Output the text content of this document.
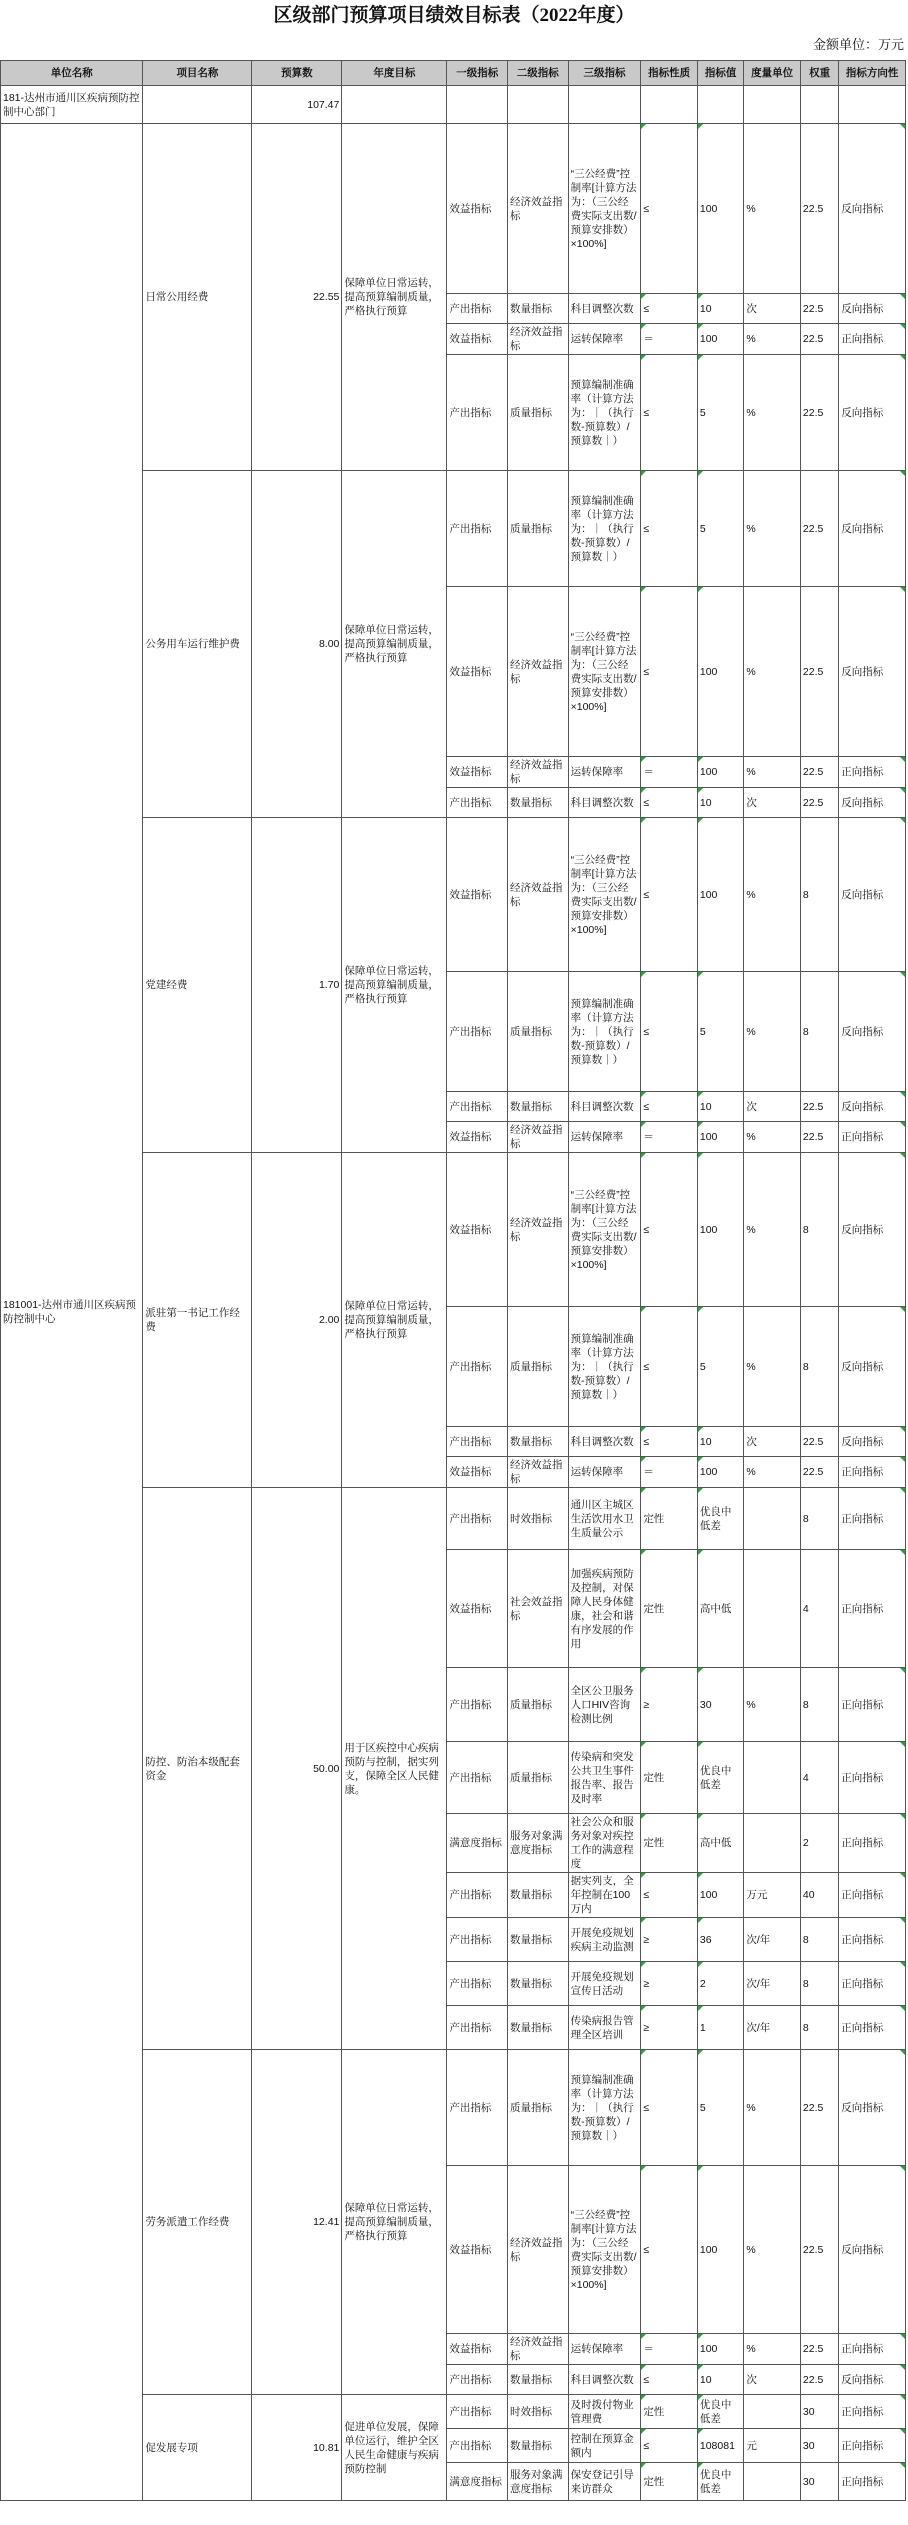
区级部门预算项目绩效目标表（2022年度）
金额单位：万元
单位名称	项目名称	预算数	年度目标	一级指标	二级指标	三级指标	指标性质	指标值	度量单位	权重	指标方向性
181-达州市通川区疾病预防控制中心部门		107.47									
181001-达州市通川区疾病预防控制中心	日常公用经费	22.55	保障单位日常运转，提高预算编制质量，严格执行预算	效益指标	经济效益指标	“三公经费”控制率[计算方法为：（三公经费实际支出数/预算安排数）×100%]	≤	100	%	22.5	反向指标
				产出指标	数量指标	科目调整次数	≤	10	次	22.5	反向指标
				效益指标	经济效益指标	运转保障率	＝	100	%	22.5	正向指标
				产出指标	质量指标	预算编制准确率（计算方法为：｜（执行数-预算数）/预算数｜）	≤	5	%	22.5	反向指标
	公务用车运行维护费	8.00	保障单位日常运转，提高预算编制质量，严格执行预算	产出指标	质量指标	预算编制准确率（计算方法为：｜（执行数-预算数）/预算数｜）	≤	5	%	22.5	反向指标
				效益指标	经济效益指标	“三公经费”控制率[计算方法为：（三公经费实际支出数/预算安排数）×100%]	≤	100	%	22.5	反向指标
				效益指标	经济效益指标	运转保障率	＝	100	%	22.5	正向指标
				产出指标	数量指标	科目调整次数	≤	10	次	22.5	反向指标
	党建经费	1.70	保障单位日常运转，提高预算编制质量，严格执行预算	效益指标	经济效益指标	“三公经费”控制率[计算方法为：（三公经费实际支出数/预算安排数）×100%]	≤	100	%	8	反向指标
				产出指标	质量指标	预算编制准确率（计算方法为：｜（执行数-预算数）/预算数｜）	≤	5	%	8	反向指标
				产出指标	数量指标	科目调整次数	≤	10	次	22.5	反向指标
				效益指标	经济效益指标	运转保障率	＝	100	%	22.5	正向指标
	派驻第一书记工作经费	2.00	保障单位日常运转，提高预算编制质量，严格执行预算	效益指标	经济效益指标	“三公经费”控制率[计算方法为：（三公经费实际支出数/预算安排数）×100%]	≤	100	%	8	反向指标
				产出指标	质量指标	预算编制准确率（计算方法为：｜（执行数-预算数）/预算数｜）	≤	5	%	8	反向指标
				产出指标	数量指标	科目调整次数	≤	10	次	22.5	反向指标
				效益指标	经济效益指标	运转保障率	＝	100	%	22.5	正向指标
	防控、防治本级配套资金	50.00	用于区疾控中心疾病预防与控制，据实列支，保障全区人民健康。	产出指标	时效指标	通川区主城区生活饮用水卫生质量公示	定性	优良中低差		8	正向指标
				效益指标	社会效益指标	加强疾病预防及控制，对保障人民身体健康，社会和谐有序发展的作用	定性	高中低		4	正向指标
				产出指标	质量指标	全区公卫服务人口HIV咨询检测比例	≥	30	%	8	正向指标
				产出指标	质量指标	传染病和突发公共卫生事件报告率、报告及时率	定性	优良中低差		4	正向指标
				满意度指标	服务对象满意度指标	社会公众和服务对象对疾控工作的满意程度	定性	高中低		2	正向指标
				产出指标	数量指标	据实列支，全年控制在100万内	≤	100	万元	40	正向指标
				产出指标	数量指标	开展免疫规划疾病主动监测	≥	36	次/年	8	正向指标
				产出指标	数量指标	开展免疫规划宣传日活动	≥	2	次/年	8	正向指标
				产出指标	数量指标	传染病报告管理全区培训	≥	1	次/年	8	正向指标
	劳务派遣工作经费	12.41	保障单位日常运转，提高预算编制质量，严格执行预算	产出指标	质量指标	预算编制准确率（计算方法为：｜（执行数-预算数）/预算数｜）	≤	5	%	22.5	反向指标
				效益指标	经济效益指标	“三公经费”控制率[计算方法为：（三公经费实际支出数/预算安排数）×100%]	≤	100	%	22.5	反向指标
				效益指标	经济效益指标	运转保障率	＝	100	%	22.5	正向指标
				产出指标	数量指标	科目调整次数	≤	10	次	22.5	反向指标
	促发展专项	10.81	促进单位发展，保障单位运行，维护全区人民生命健康与疾病预防控制	产出指标	时效指标	及时拨付物业管理费	定性	优良中低差		30	正向指标
				产出指标	数量指标	控制在预算金额内	≤	108081	元	30	正向指标
				满意度指标	服务对象满意度指标	保安登记引导来访群众	定性	优良中低差		30	正向指标
